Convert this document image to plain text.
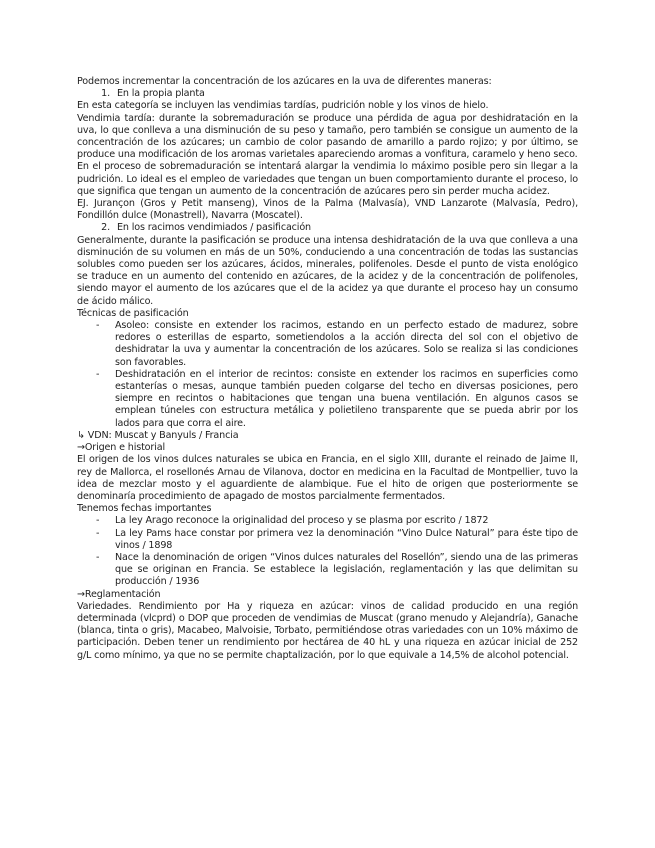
Podemos incrementar la concentración de los azúcares en la uva de diferentes maneras:

1. En la propia planta

En esta categoría se incluyen las vendimias tardías, pudrición noble y los vinos de hielo.

Vendimia tardía: durante la sobremaduración se produce una pérdida de agua por deshidratación en la uva, lo que conlleva a una disminución de su peso y tamaño, pero también se consigue un aumento de la concentración de los azúcares; un cambio de color pasando de amarillo a pardo rojizo; y por último, se produce una modificación de los aromas varietales apareciendo aromas a vonfitura, caramelo y heno seco.

En el proceso de sobremaduración se intentará alargar la vendimia lo máximo posible pero sin llegar a la pudrición. Lo ideal es el empleo de variedades que tengan un buen comportamiento durante el proceso, lo que significa que tengan un aumento de la concentración de azúcares pero sin perder mucha acidez.

EJ. Jurançon (Gros y Petit manseng), Vinos de la Palma (Malvasía), VND Lanzarote (Malvasía, Pedro), Fondillón dulce (Monastrell), Navarra (Moscatel).

2. En los racimos vendimiados / pasificación

Generalmente, durante la pasificación se produce una intensa deshidratación de la uva que conlleva a una disminución de su volumen en más de un 50%, conduciendo a una concentración de todas las sustancias solubles como pueden ser los azúcares, ácidos, minerales, polifenoles. Desde el punto de vista enológico se traduce en un aumento del contenido en azúcares, de la acidez y de la concentración de polifenoles, siendo mayor el aumento de los azúcares que el de la acidez ya que durante el proceso hay un consumo de ácido málico.

Técnicas de pasificación

-	Asoleo: consiste en extender los racimos, estando en un perfecto estado de madurez, sobre redores o esterillas de esparto, sometiendolos a la acción directa del sol con el objetivo de deshidratar la uva y aumentar la concentración de los azúcares. Solo se realiza si las condiciones son favorables.
-	Deshidratación en el interior de recintos: consiste en extender los racimos en superficies como estanterías o mesas, aunque también pueden colgarse del techo en diversas posiciones, pero siempre en recintos o habitaciones que tengan una buena ventilación. En algunos casos se emplean túneles con estructura metálica y polietileno transparente que se pueda abrir por los lados para que corra el aire.

↳ VDN: Muscat y Banyuls / Francia

→Origen e historial

El origen de los vinos dulces naturales se ubica en Francia, en el siglo XIII, durante el reinado de Jaime II, rey de Mallorca, el rosellonés Arnau de Vilanova, doctor en medicina en la Facultad de Montpellier, tuvo la idea de mezclar mosto y el aguardiente de alambique. Fue el hito de origen que posteriormente se denominaría procedimiento de apagado de mostos parcialmente fermentados.

Tenemos fechas importantes

-	La ley Arago reconoce la originalidad del proceso y se plasma por escrito / 1872
-	La ley Pams hace constar por primera vez la denominación “Vino Dulce Natural” para éste tipo de vinos / 1898
-	Nace la denominación de origen “Vinos dulces naturales del Rosellón”, siendo una de las primeras que se originan en Francia. Se establece la legislación, reglamentación y las que delimitan su producción / 1936

→Reglamentación

Variedades. Rendimiento por Ha y riqueza en azúcar: vinos de calidad producido en una región determinada (vlcprd) o DOP que proceden de vendimias de Muscat (grano menudo y Alejandría), Ganache (blanca, tinta o gris), Macabeo, Malvoisie, Torbato, permitiéndose otras variedades con un 10% máximo de participación. Deben tener un rendimiento por hectárea de 40 hL y una riqueza en azúcar inicial de 252 g/L como mínimo, ya que no se permite chaptalización, por lo que equivale a 14,5% de alcohol potencial.
